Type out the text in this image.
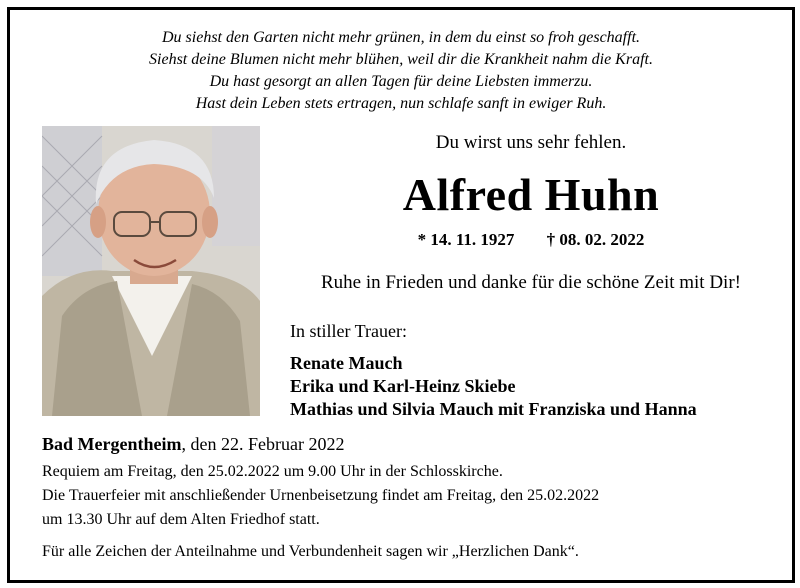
Du siehst den Garten nicht mehr grünen, in dem du einst so froh geschafft.
Siehst deine Blumen nicht mehr blühen, weil dir die Krankheit nahm die Kraft.
Du hast gesorgt an allen Tagen für deine Liebsten immerzu.
Hast dein Leben stets ertragen, nun schlafe sanft in ewiger Ruh.
Du wirst uns sehr fehlen.
Alfred Huhn
* 14. 11. 1927 † 08. 02. 2022
Ruhe in Frieden und danke für die schöne Zeit mit Dir!
In stiller Trauer:
Renate Mauch
Erika und Karl-Heinz Skiebe
Mathias und Silvia Mauch mit Franziska und Hanna
Bad Mergentheim, den 22. Februar 2022
Requiem am Freitag, den 25.02.2022 um 9.00 Uhr in der Schlosskirche.
Die Trauerfeier mit anschließender Urnenbeisetzung findet am Freitag, den 25.02.2022
um 13.30 Uhr auf dem Alten Friedhof statt.
Für alle Zeichen der Anteilnahme und Verbundenheit sagen wir „Herzlichen Dank“.
